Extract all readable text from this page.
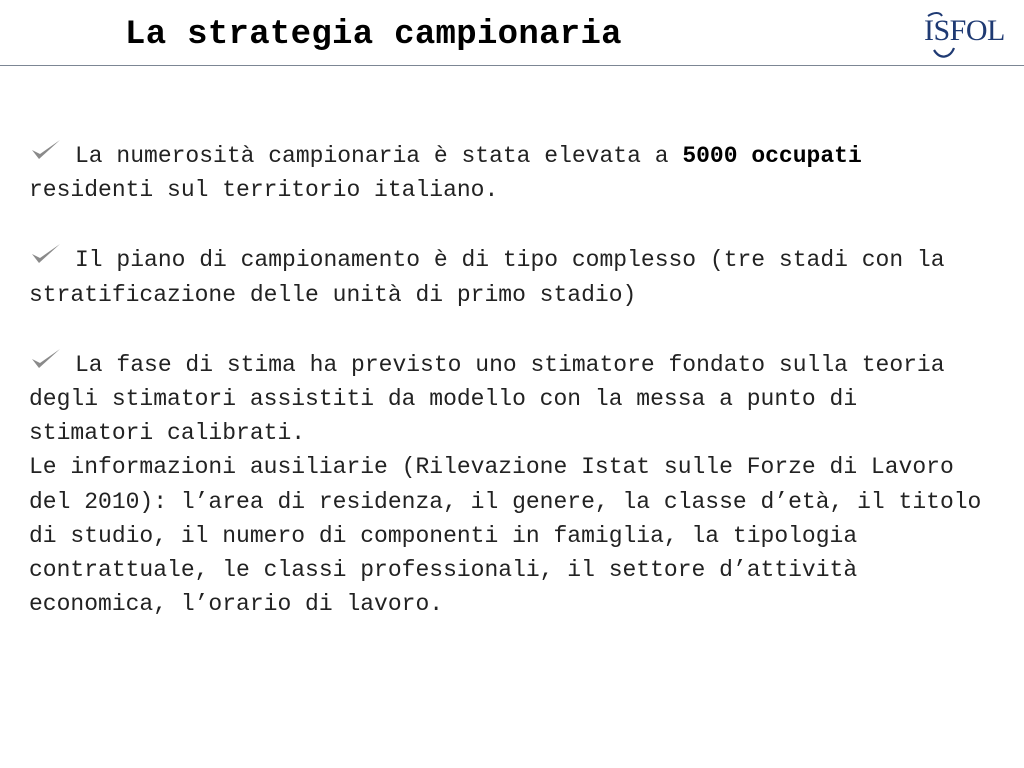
La strategia campionaria	ISFOL

La numerosità campionaria è stata elevata a 5000 occupati residenti sul territorio italiano.

Il piano di campionamento è di tipo complesso (tre stadi con la stratificazione delle unità di primo stadio)

La fase di stima ha previsto uno stimatore fondato sulla teoria degli stimatori assistiti da modello con la messa a punto di stimatori calibrati.
Le informazioni ausiliarie (Rilevazione Istat sulle Forze di Lavoro del 2010): l’area di residenza, il genere, la classe d’età, il titolo di studio, il numero di componenti in famiglia, la tipologia contrattuale, le classi professionali, il settore d’attività economica, l’orario di lavoro.
